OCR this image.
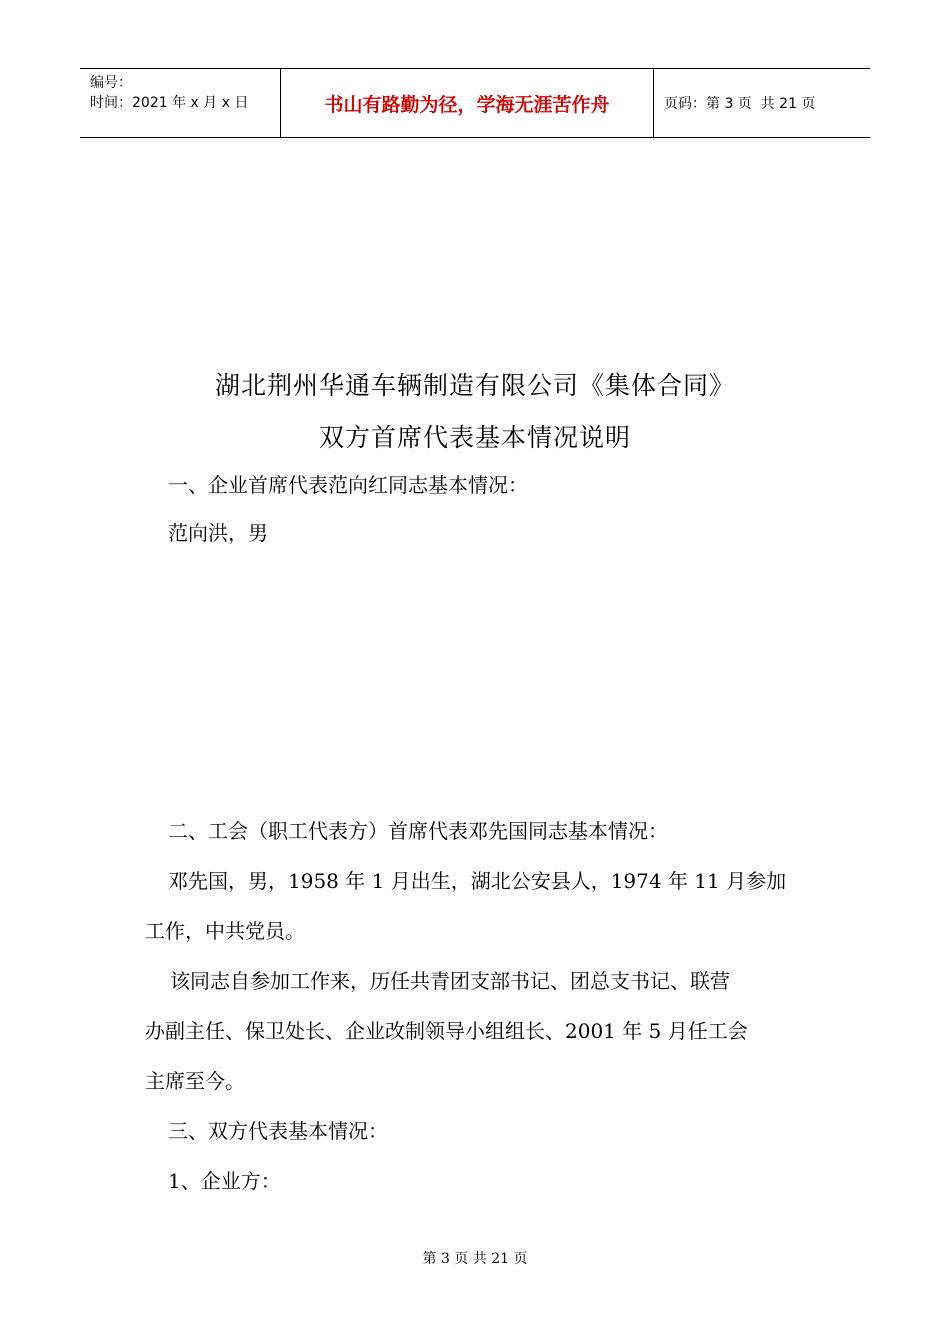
编号：
时间：2021 年 x 月 x 日	书山有路勤为径，学海无涯苦作舟	页码：第 3 页  共 21 页
湖北荆州华通车辆制造有限公司《集体合同》
双方首席代表基本情况说明
一、企业首席代表范向红同志基本情况：
范向洪，男
二、工会（职工代表方）首席代表邓先国同志基本情况：
邓先国，男，1958 年 1 月出生，湖北公安县人，1974 年 11 月参加
工作，中共党员。
该同志自参加工作来，历任共青团支部书记、团总支书记、联营
办副主任、保卫处长、企业改制领导小组组长、2001 年 5 月任工会
主席至今。
三、双方代表基本情况：
1、企业方：
第 3 页 共 21 页
